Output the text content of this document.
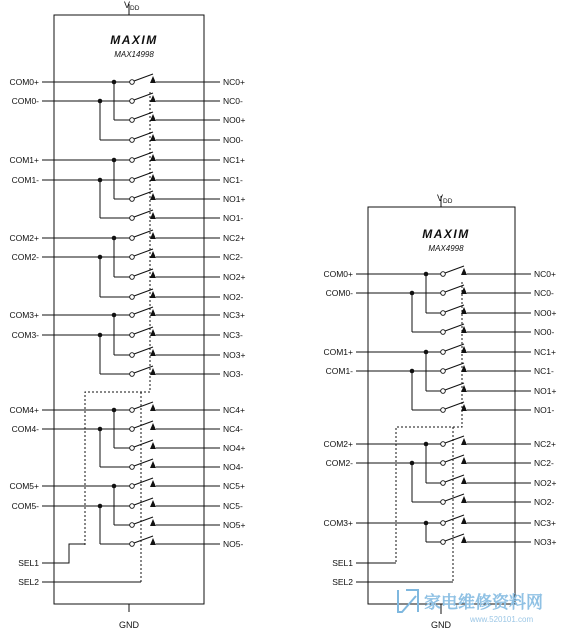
$V_{DD}$
GND
MAXIM
MAX14998
COM0+
COM0-
NC0+
NC0-
NO0+
NO0-
COM1+
COM1-
NC1+
NC1-
NO1+
NO1-
COM2+
COM2-
NC2+
NC2-
NO2+
NO2-
COM3+
COM3-
NC3+
NC3-
NO3+
NO3-
COM4+
COM4-
NC4+
NC4-
NO4+
NO4-
COM5+
COM5-
NC5+
NC5-
NO5+
NO5-
SEL1
SEL2
$V_{DD}$
GND
MAXIM
MAX4998
COM0+
COM0-
NC0+
NC0-
NO0+
NO0-
COM1+
COM1-
NC1+
NC1-
NO1+
NO1-
COM2+
COM2-
NC2+
NC2-
NO2+
NO2-
COM3+	NC3+
NO3+
SEL1
SEL2
家电维修资料网
www.520101.com
